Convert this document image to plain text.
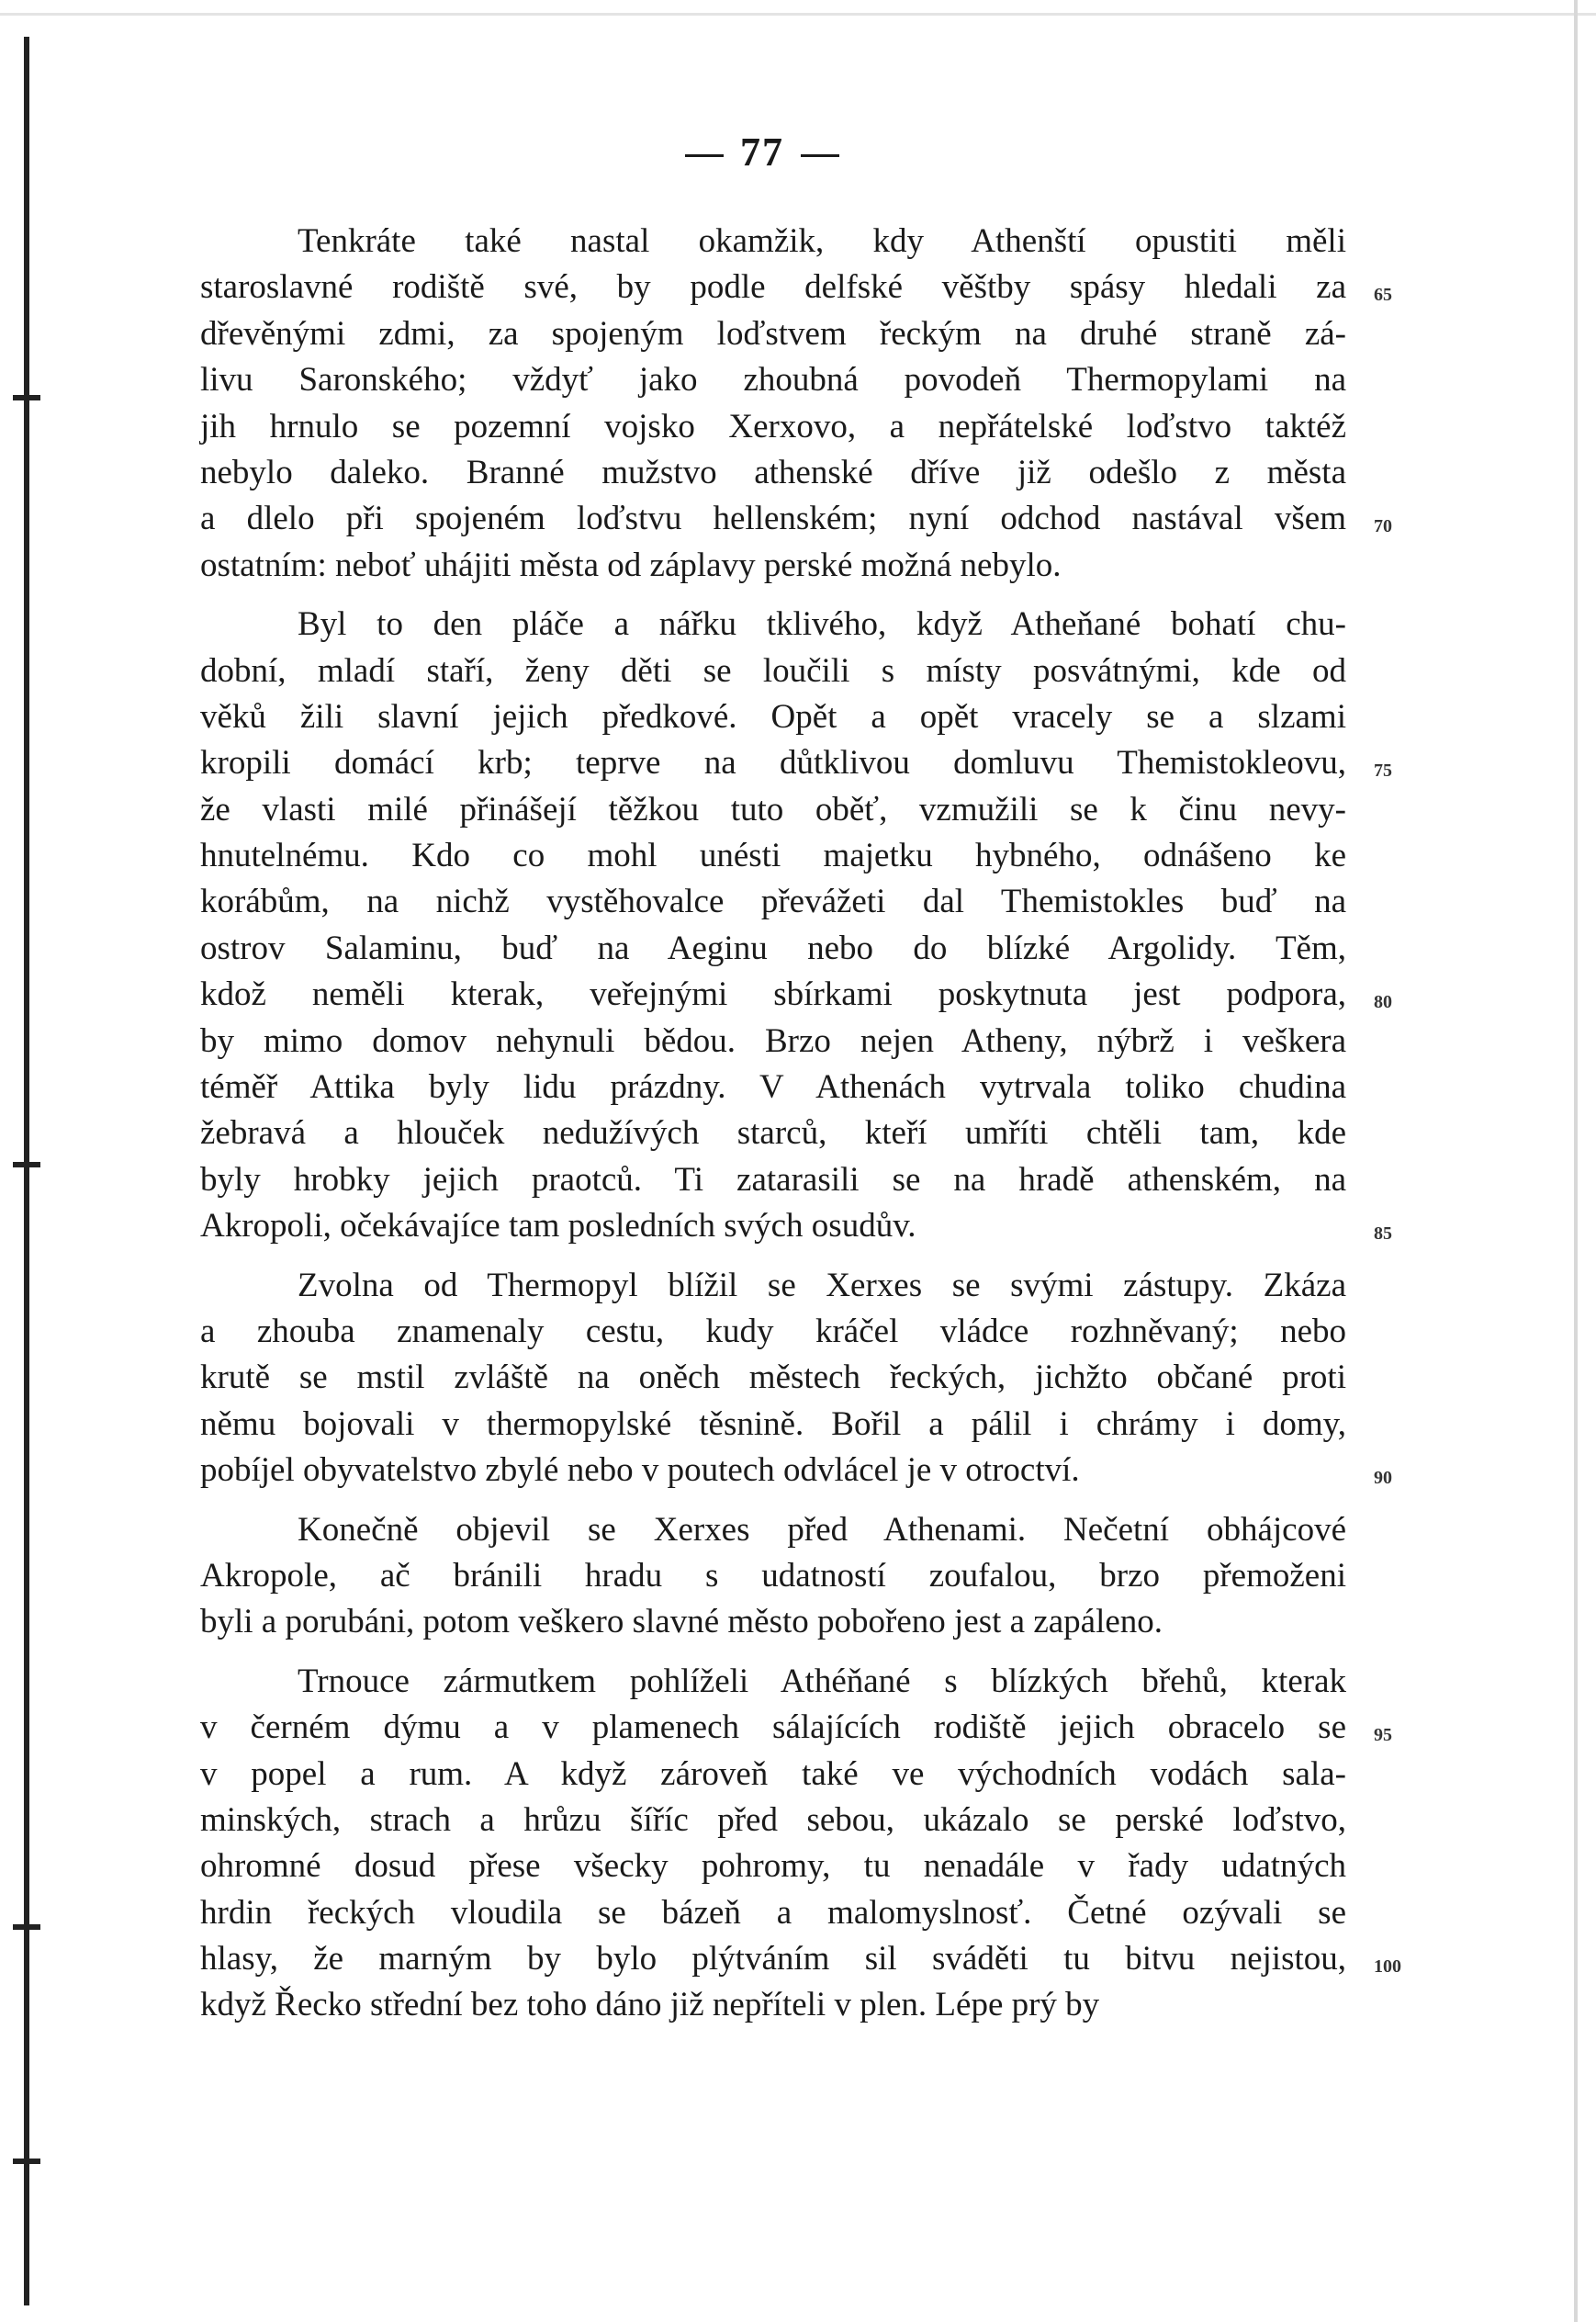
77
Tenkráte také nastal okamžik, kdy Athenští opustiti měli
staroslavné rodiště své, by podle delfské věštby spásy hledali za 65
dřevěnými zdmi, za spojeným loďstvem řeckým na druhé straně zá-
livu Saronského; vždyť jako zhoubná povodeň Thermopylami na
jih hrnulo se pozemní vojsko Xerxovo, a nepřátelské loďstvo taktéž
nebylo daleko. Branné mužstvo athenské dříve již odešlo z města
a dlelo při spojeném loďstvu hellenském; nyní odchod nastával všem 70
ostatním: neboť uhájiti města od záplavy perské možná nebylo.
Byl to den pláče a nářku tklivého, když Atheňané bohatí chu-
dobní, mladí staří, ženy děti se loučili s místy posvátnými, kde od
věků žili slavní jejich předkové. Opět a opět vracely se a slzami
kropili domácí krb; teprve na důtklivou domluvu Themistokleovu, 75
že vlasti milé přinášejí těžkou tuto oběť, vzmužili se k činu nevy-
hnutelnému. Kdo co mohl unésti majetku hybného, odnášeno ke
korábům, na nichž vystěhovalce převážeti dal Themistokles buď na
ostrov Salaminu, buď na Aeginu nebo do blízké Argolidy. Těm,
kdož neměli kterak, veřejnými sbírkami poskytnuta jest podpora, 80
by mimo domov nehynuli bědou. Brzo nejen Atheny, nýbrž i veškera
téměř Attika byly lidu prázdny. V Athenách vytrvala toliko chudina
žebravá a hlouček nedužívých starců, kteří umříti chtěli tam, kde
byly hrobky jejich praotců. Ti zatarasili se na hradě athenském, na
Akropoli, očekávajíce tam posledních svých osudův.	85
Zvolna od Thermopyl blížil se Xerxes se svými zástupy. Zkáza
a zhouba znamenaly cestu, kudy kráčel vládce rozhněvaný; nebo
krutě se mstil zvláště na oněch městech řeckých, jichžto občané proti
němu bojovali v thermopylské těsnině. Bořil a pálil i chrámy i domy,
pobíjel obyvatelstvo zbylé nebo v poutech odvlácel je v otroctví.	90
Konečně objevil se Xerxes před Athenami. Nečetní obhájcové
Akropole, ač bránili hradu s udatností zoufalou, brzo přemoženi
byli a porubáni, potom veškero slavné město pobořeno jest a zapáleno.
Trnouce zármutkem pohlíželi Athéňané s blízkých břehů, kterak
v černém dýmu a v plamenech sálajících rodiště jejich obracelo se 95
v popel a rum. A když zároveň také ve východních vodách sala-
minských, strach a hrůzu šíříc před sebou, ukázalo se perské loďstvo,
ohromné dosud přese všecky pohromy, tu nenadále v řady udatných
hrdin řeckých vloudila se bázeň a malomyslnosť. Četné ozývali se
hlasy, že marným by bylo plýtváním sil sváděti tu bitvu nejistou, 100
když Řecko střední bez toho dáno již nepříteli v plen. Lépe prý by
